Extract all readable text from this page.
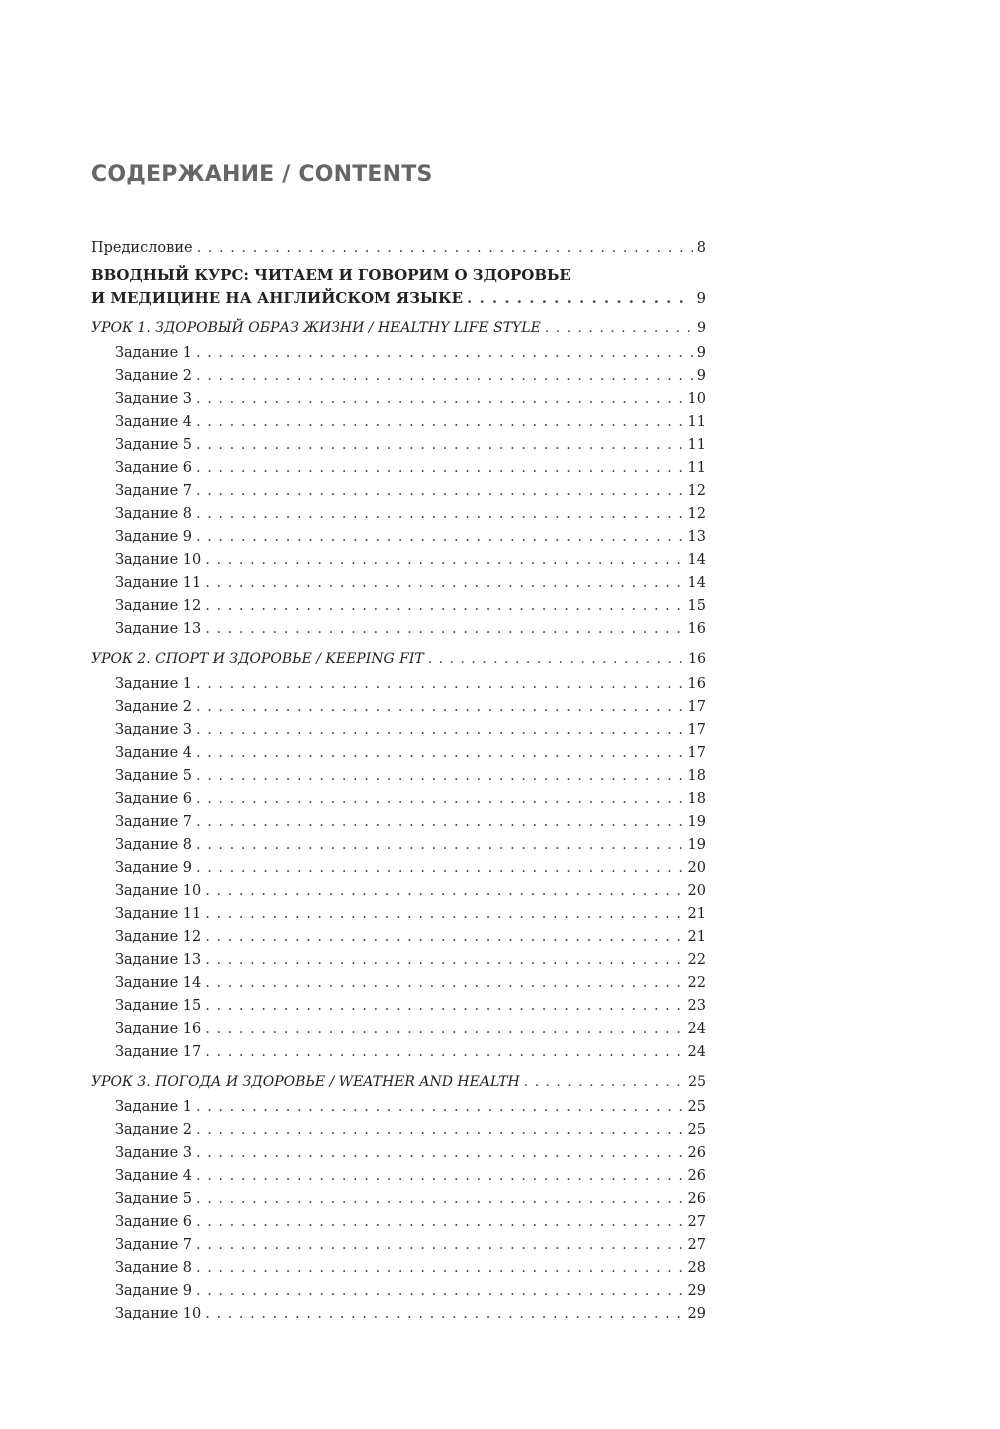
СОДЕРЖАНИЕ / CONTENTS
Предисловие . . .	8
ВВОДНЫЙ КУРС: ЧИТАЕМ И ГОВОРИМ О ЗДОРОВЬЕ
И МЕДИЦИНЕ НА АНГЛИЙСКОМ ЯЗЫКЕ . . .	9
УРОК 1. ЗДОРОВЫЙ ОБРАЗ ЖИЗНИ / HEALTHY LIFE STYLE . . .	9
Задание 1 . . .	9
Задание 2 . . .	9
Задание 3 . . .	10
Задание 4 . . .	11
Задание 5 . . .	11
Задание 6 . . .	11
Задание 7 . . .	12
Задание 8 . . .	12
Задание 9 . . .	13
Задание 10 . . .	14
Задание 11 . . .	14
Задание 12 . . .	15
Задание 13 . . .	16
УРОК 2. СПОРТ И ЗДОРОВЬЕ / KEEPING FIT . . .	16
Задание 1 . . .	16
Задание 2 . . .	17
Задание 3 . . .	17
Задание 4 . . .	17
Задание 5 . . .	18
Задание 6 . . .	18
Задание 7 . . .	19
Задание 8 . . .	19
Задание 9 . . .	20
Задание 10 . . .	20
Задание 11 . . .	21
Задание 12 . . .	21
Задание 13 . . .	22
Задание 14 . . .	22
Задание 15 . . .	23
Задание 16 . . .	24
Задание 17 . . .	24
УРОК 3. ПОГОДА И ЗДОРОВЬЕ / WEATHER AND HEALTH . . .	25
Задание 1 . . .	25
Задание 2 . . .	25
Задание 3 . . .	26
Задание 4 . . .	26
Задание 5 . . .	26
Задание 6 . . .	27
Задание 7 . . .	27
Задание 8 . . .	28
Задание 9 . . .	29
Задание 10 . . .	29
